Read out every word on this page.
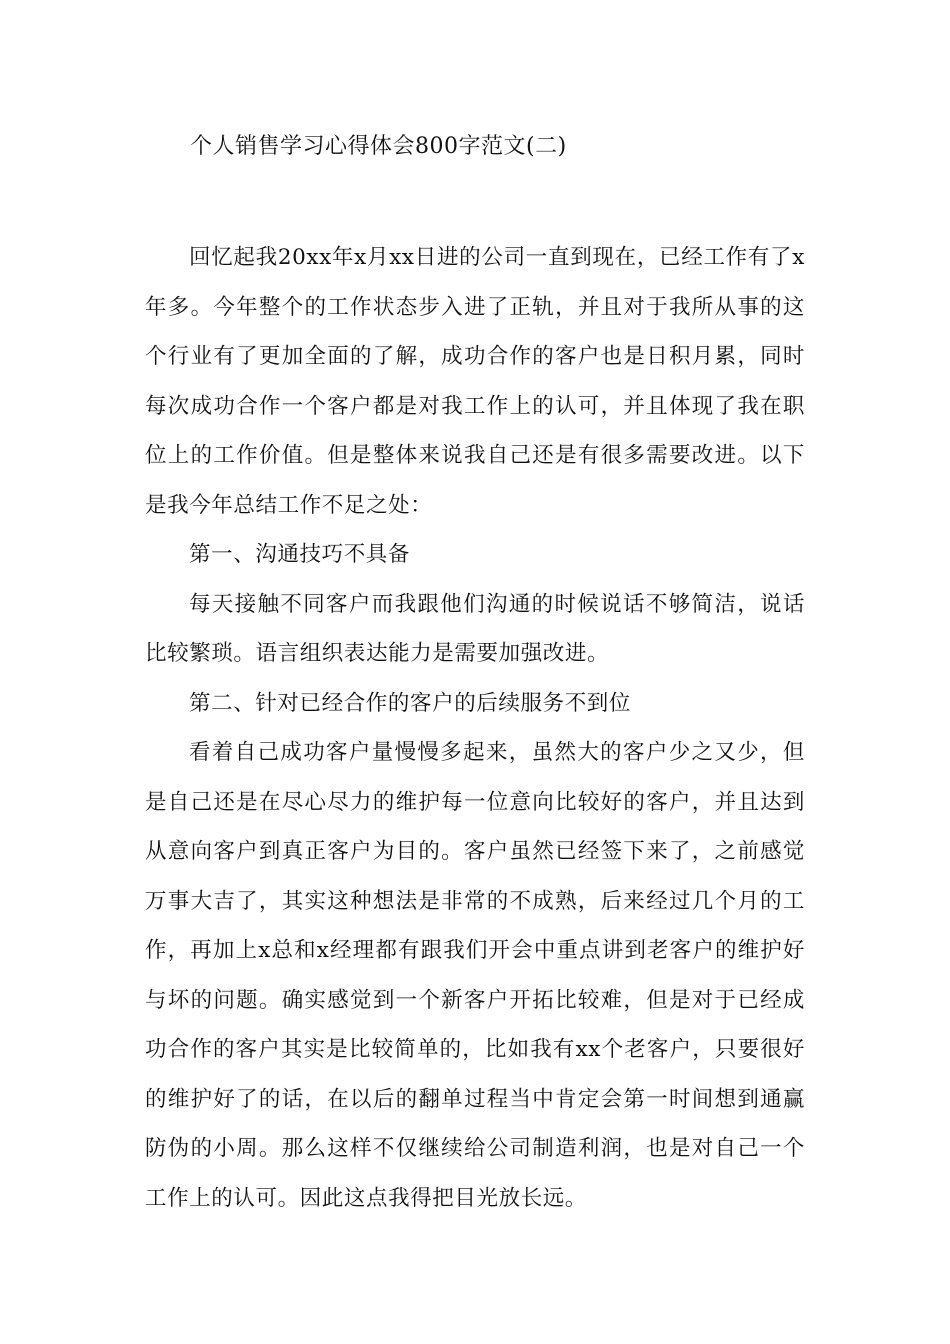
个人销售学习心得体会800字范文(二)

回忆起我20xx年x月xx日进的公司一直到现在，已经工作有了x年多。今年整个的工作状态步入进了正轨，并且对于我所从事的这个行业有了更加全面的了解，成功合作的客户也是日积月累，同时每次成功合作一个客户都是对我工作上的认可，并且体现了我在职位上的工作价值。但是整体来说我自己还是有很多需要改进。以下是我今年总结工作不足之处：

第一、沟通技巧不具备

每天接触不同客户而我跟他们沟通的时候说话不够简洁，说话比较繁琐。语言组织表达能力是需要加强改进。

第二、针对已经合作的客户的后续服务不到位

看着自己成功客户量慢慢多起来，虽然大的客户少之又少，但是自己还是在尽心尽力的维护每一位意向比较好的客户，并且达到从意向客户到真正客户为目的。客户虽然已经签下来了，之前感觉万事大吉了，其实这种想法是非常的不成熟，后来经过几个月的工作，再加上x总和x经理都有跟我们开会中重点讲到老客户的维护好与坏的问题。确实感觉到一个新客户开拓比较难，但是对于已经成功合作的客户其实是比较简单的，比如我有xx个老客户，只要很好的维护好了的话，在以后的翻单过程当中肯定会第一时间想到通赢防伪的小周。那么这样不仅继续给公司制造利润，也是对自己一个工作上的认可。因此这点我得把目光放长远。
